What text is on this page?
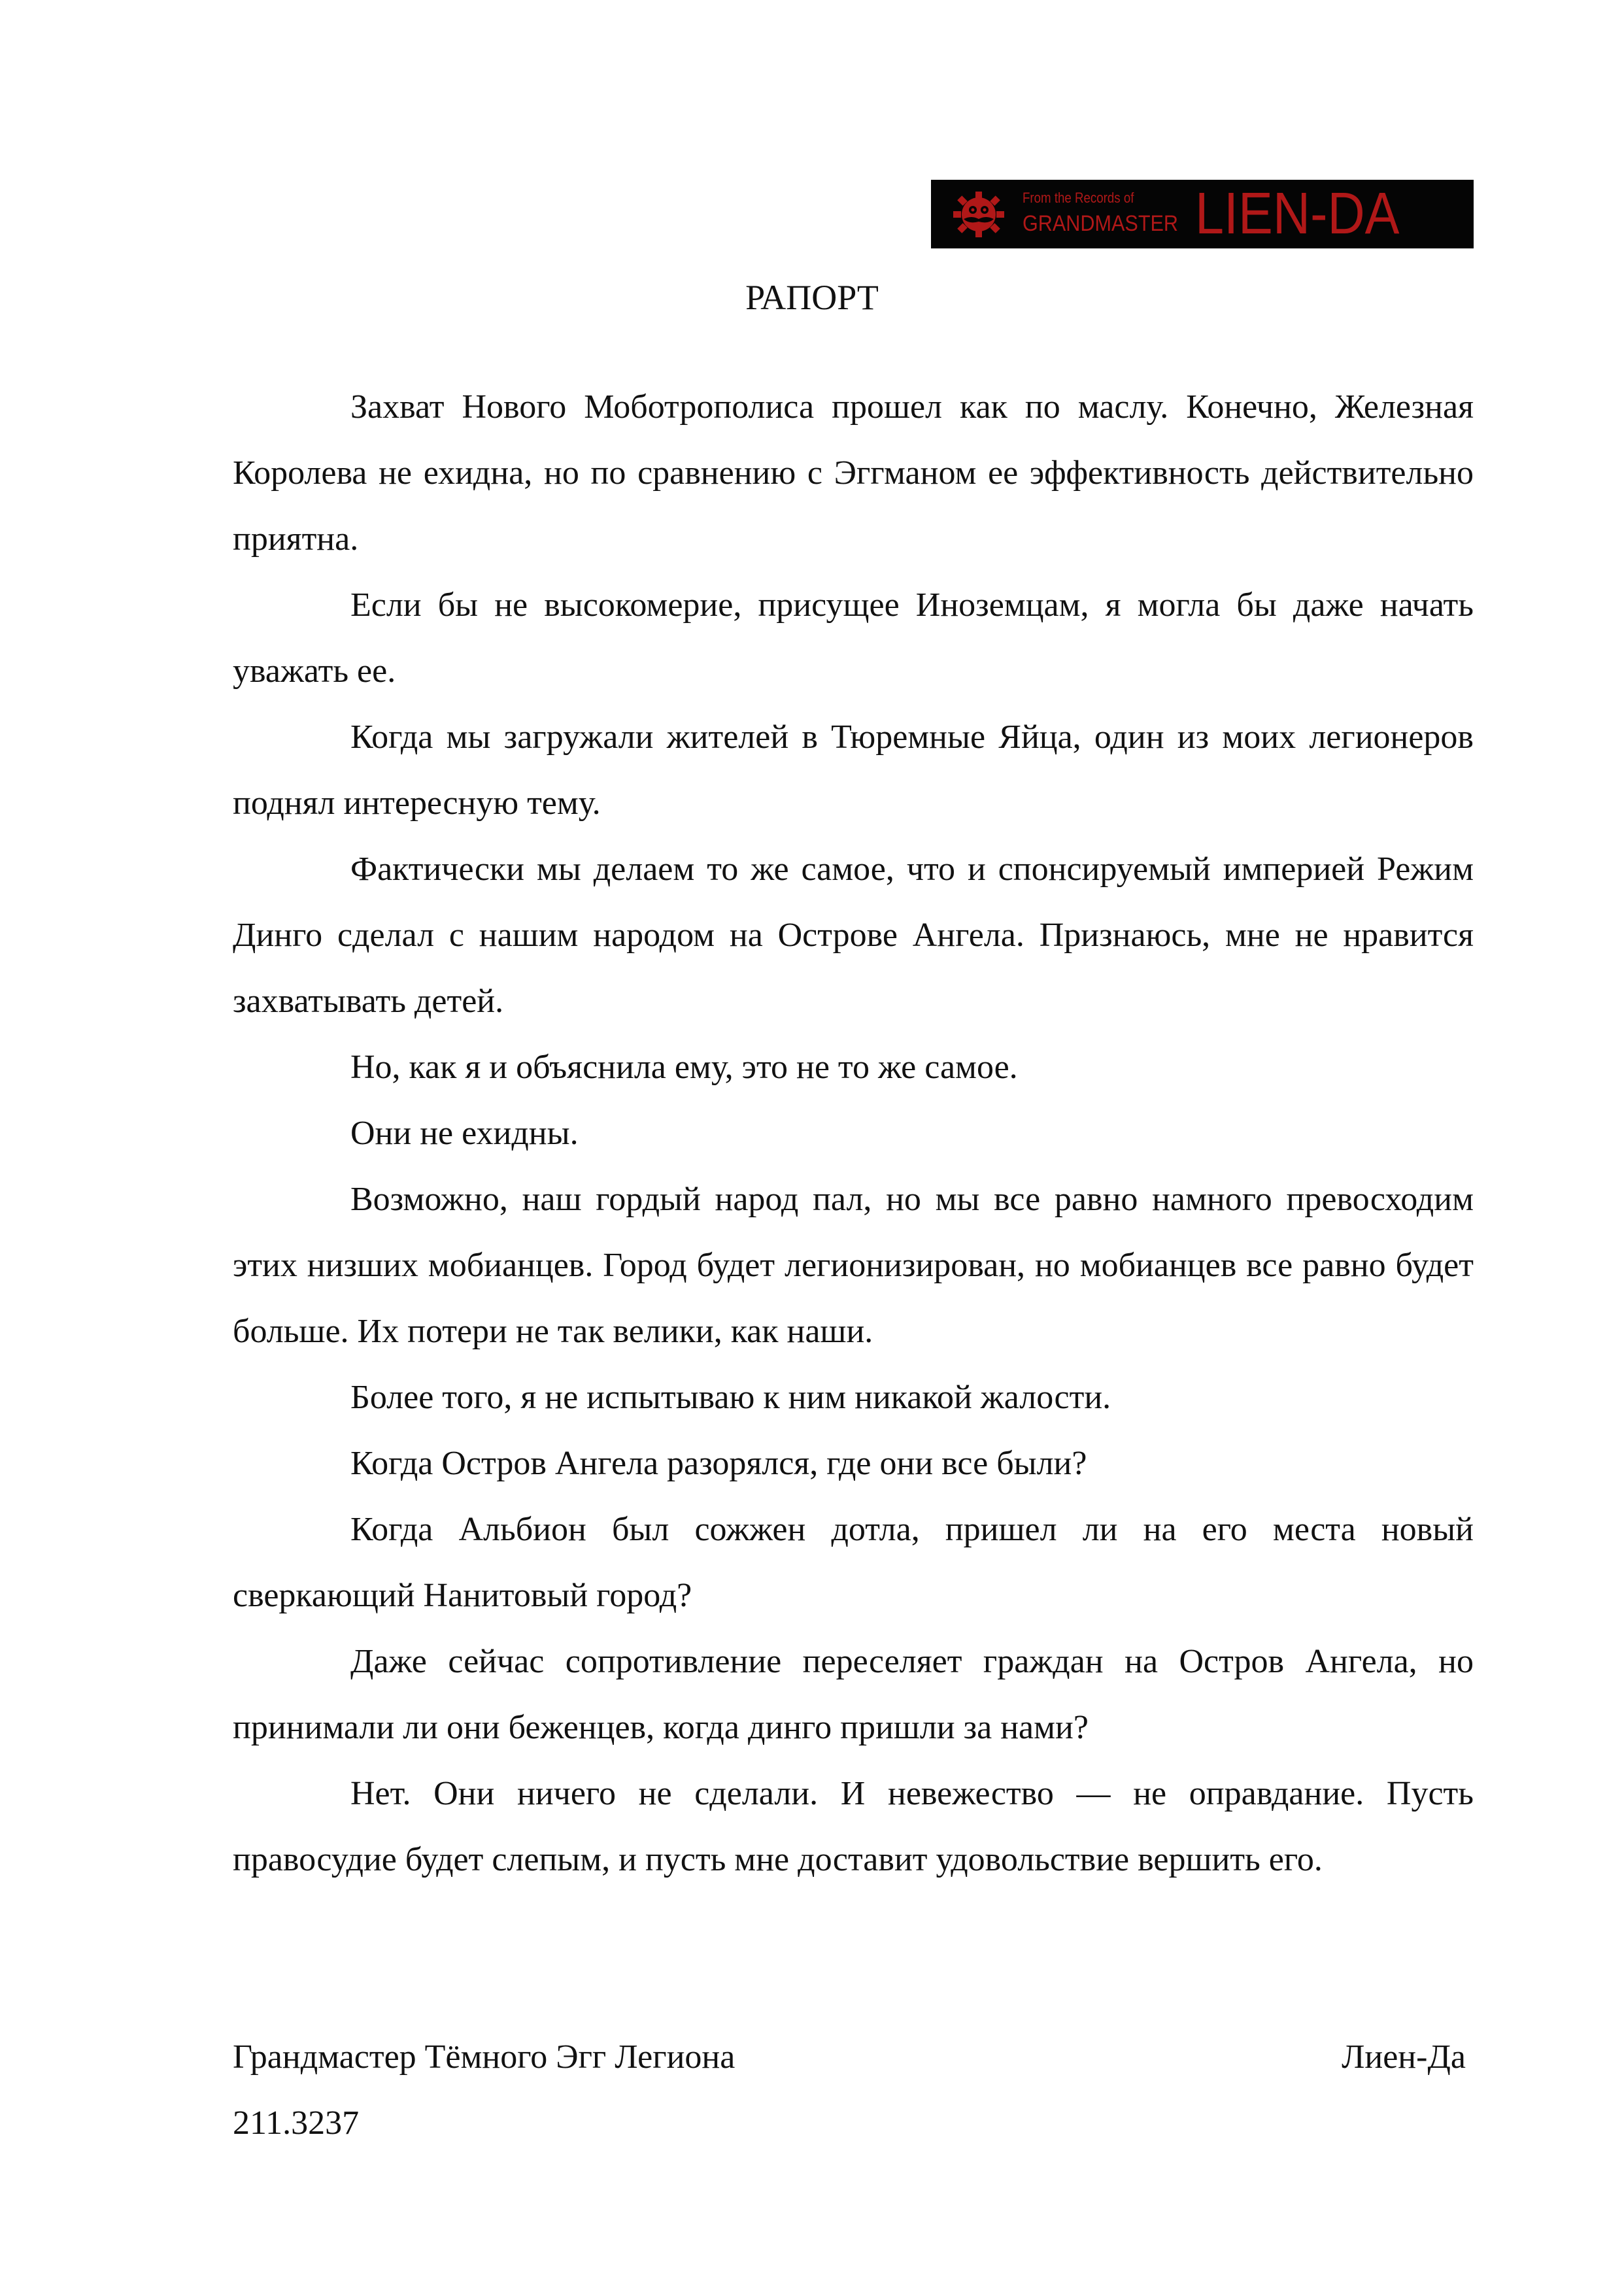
From the Records of
GRANDMASTER LIEN-DA
РАПОРТ

Захват Нового Моботрополиса прошел как по маслу. Конечно, Железная Королева не ехидна, но по сравнению с Эггманом ее эффективность действительно приятна.

Если бы не высокомерие, присущее Иноземцам, я могла бы даже начать уважать ее.

Когда мы загружали жителей в Тюремные Яйца, один из моих легионеров поднял интересную тему.

Фактически мы делаем то же самое, что и спонсируемый империей Режим Динго сделал с нашим народом на Острове Ангела. Признаюсь, мне не нравится захватывать детей.

Но, как я и объяснила ему, это не то же самое.

Они не ехидны.

Возможно, наш гордый народ пал, но мы все равно намного превосходим этих низших мобианцев. Город будет легионизирован, но мобианцев все равно будет больше. Их потери не так велики, как наши.

Более того, я не испытываю к ним никакой жалости.

Когда Остров Ангела разорялся, где они все были?

Когда Альбион был сожжен дотла, пришел ли на его места новый сверкающий Нанитовый город?

Даже сейчас сопротивление переселяет граждан на Остров Ангела, но принимали ли они беженцев, когда динго пришли за нами?

Нет. Они ничего не сделали. И невежество — не оправдание. Пусть правосудие будет слепым, и пусть мне доставит удовольствие вершить его.

Грандмастер Тёмного Эгг Легиона	Лиен-Да
211.3237
